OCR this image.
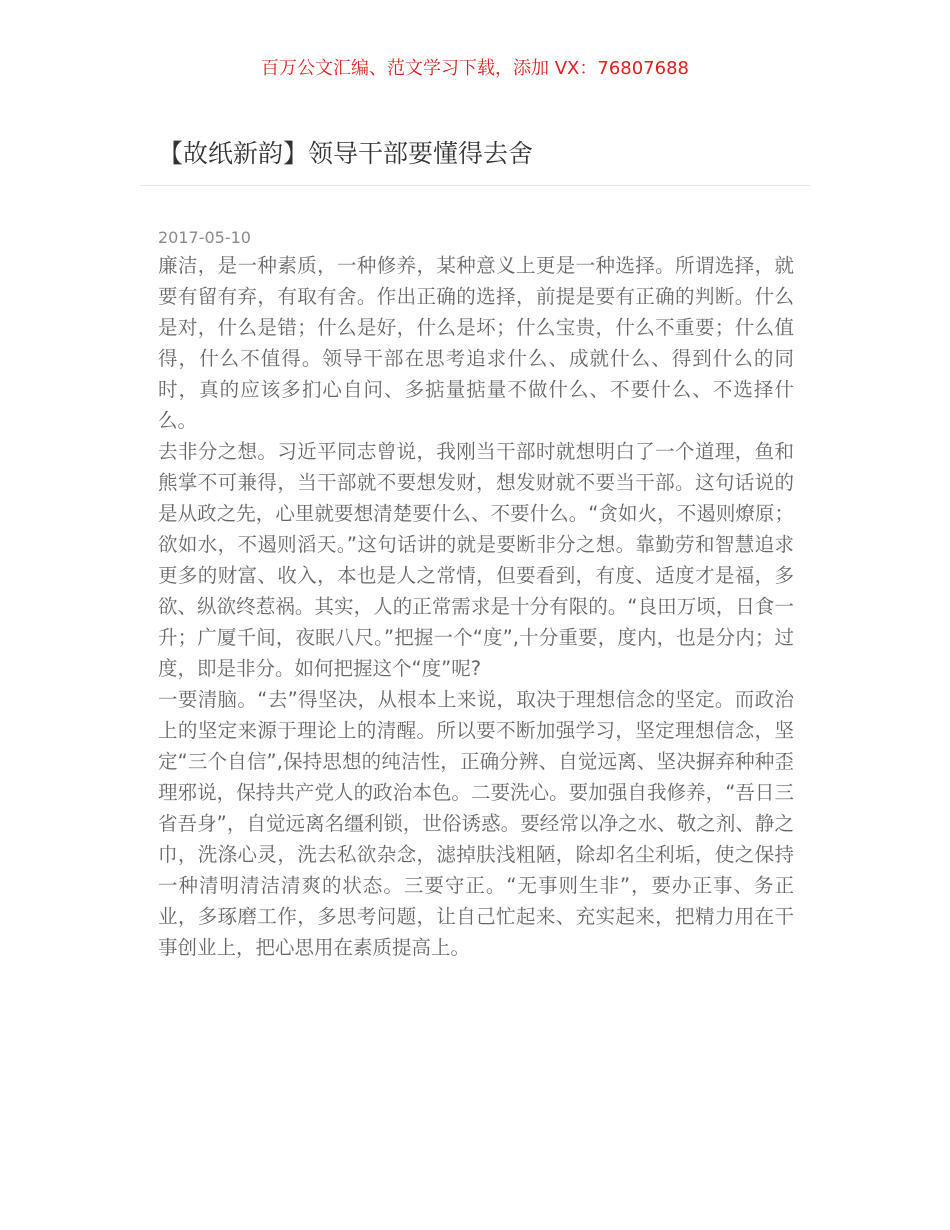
百万公文汇编、范文学习下载，添加 VX：76807688
【故纸新韵】领导干部要懂得去舍

2017-05-10

廉洁，是一种素质，一种修养，某种意义上更是一种选择。所谓选择，就要有留有弃，有取有舍。作出正确的选择，前提是要有正确的判断。什么是对，什么是错；什么是好，什么是坏；什么宝贵，什么不重要；什么值得，什么不值得。领导干部在思考追求什么、成就什么、得到什么的同时，真的应该多扪心自问、多掂量掂量不做什么、不要什么、不选择什么。

去非分之想。习近平同志曾说，我刚当干部时就想明白了一个道理，鱼和熊掌不可兼得，当干部就不要想发财，想发财就不要当干部。这句话说的是从政之先，心里就要想清楚要什么、不要什么。“贪如火，不遏则燎原；欲如水，不遏则滔天。”这句话讲的就是要断非分之想。靠勤劳和智慧追求更多的财富、收入，本也是人之常情，但要看到，有度、适度才是福，多欲、纵欲终惹祸。其实，人的正常需求是十分有限的。“良田万顷，日食一升；广厦千间，夜眠八尺。”把握一个“度”,十分重要，度内，也是分内；过度，即是非分。如何把握这个“度”呢?

一要清脑。“去”得坚决，从根本上来说，取决于理想信念的坚定。而政治上的坚定来源于理论上的清醒。所以要不断加强学习，坚定理想信念，坚定“三个自信”,保持思想的纯洁性，正确分辨、自觉远离、坚决摒弃种种歪理邪说，保持共产党人的政治本色。二要洗心。要加强自我修养，“吾日三省吾身”，自觉远离名缰利锁，世俗诱惑。要经常以净之水、敬之剂、静之巾，洗涤心灵，洗去私欲杂念，滤掉肤浅粗陋，除却名尘利垢，使之保持一种清明清洁清爽的状态。三要守正。“无事则生非”，要办正事、务正业，多琢磨工作，多思考问题，让自己忙起来、充实起来，把精力用在干事创业上，把心思用在素质提高上。
